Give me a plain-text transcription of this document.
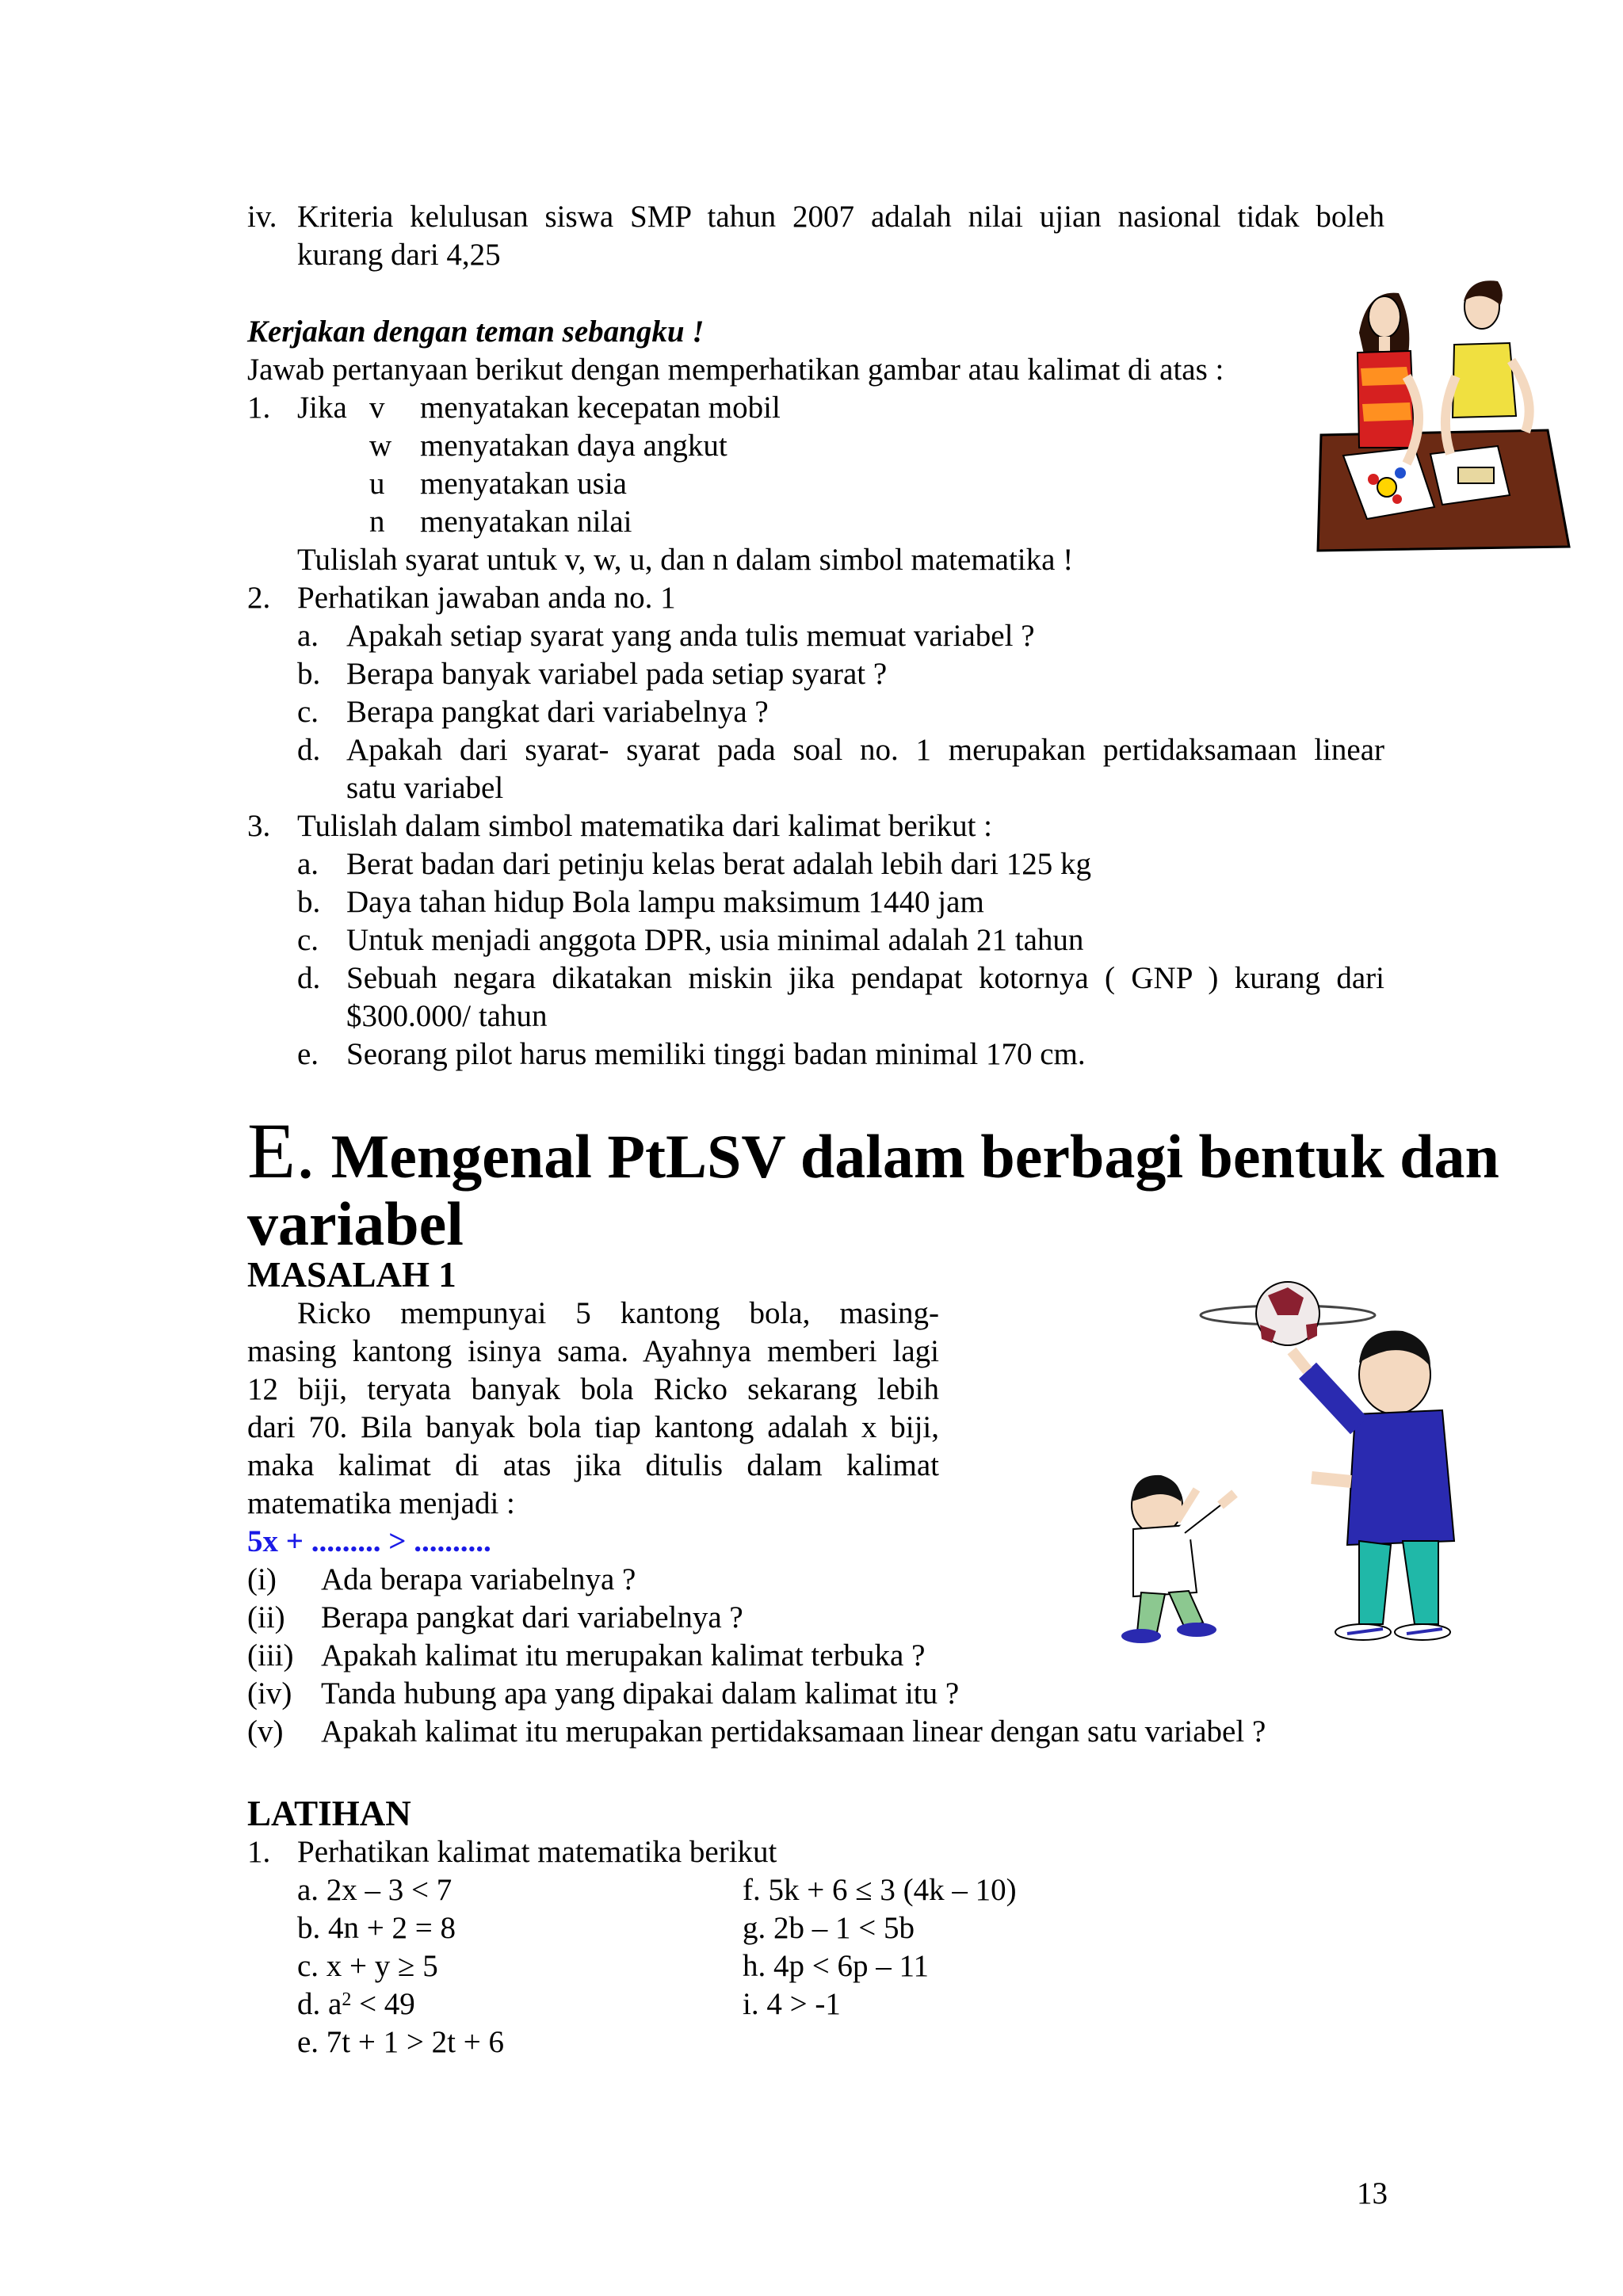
iv. Kriteria kelulusan siswa SMP tahun 2007 adalah nilai ujian nasional tidak boleh
kurang dari 4,25
Kerjakan dengan teman sebangku !
Jawab pertanyaan berikut dengan memperhatikan gambar atau kalimat di atas :
1. Jika v menyatakan kecepatan mobil
w menyatakan daya angkut
u menyatakan usia
n menyatakan nilai
Tulislah syarat untuk v, w, u, dan n dalam simbol matematika !
2. Perhatikan jawaban anda no. 1
a. Apakah setiap syarat yang anda tulis memuat variabel ?
b. Berapa banyak variabel pada setiap syarat ?
c. Berapa pangkat dari variabelnya ?
d. Apakah dari syarat- syarat pada soal no. 1 merupakan pertidaksamaan linear
satu variabel
3. Tulislah dalam simbol matematika dari kalimat berikut :
a. Berat badan dari petinju kelas berat adalah lebih dari 125 kg
b. Daya tahan hidup Bola lampu maksimum 1440 jam
c. Untuk menjadi anggota DPR, usia minimal adalah 21 tahun
d. Sebuah negara dikatakan miskin jika pendapat kotornya ( GNP ) kurang dari
$300.000/ tahun
e. Seorang pilot harus memiliki tinggi badan minimal 170 cm.
E. Mengenal PtLSV dalam berbagi bentuk dan
variabel
MASALAH 1
Ricko mempunyai 5 kantong bola, masing-
masing kantong isinya sama. Ayahnya memberi lagi
12 biji, teryata banyak bola Ricko sekarang lebih
dari 70. Bila banyak bola tiap kantong adalah x biji,
maka kalimat di atas jika ditulis dalam kalimat
matematika menjadi :
5x + ......... > ..........
(i) Ada berapa variabelnya ?
(ii) Berapa pangkat dari variabelnya ?
(iii) Apakah kalimat itu merupakan kalimat terbuka ?
(iv) Tanda hubung apa yang dipakai dalam kalimat itu ?
(v) Apakah kalimat itu merupakan pertidaksamaan linear dengan satu variabel ?
LATIHAN
1. Perhatikan kalimat matematika berikut
a. 2x – 3 < 7
b. 4n + 2 = 8
c. x + y ≥ 5
d. $a^2 < 49$
e. 7t + 1 > 2t + 6
f. 5k + 6 ≤ 3 (4k – 10)
g. 2b – 1 < 5b
h. 4p < 6p – 11
i. 4 > -1
13
